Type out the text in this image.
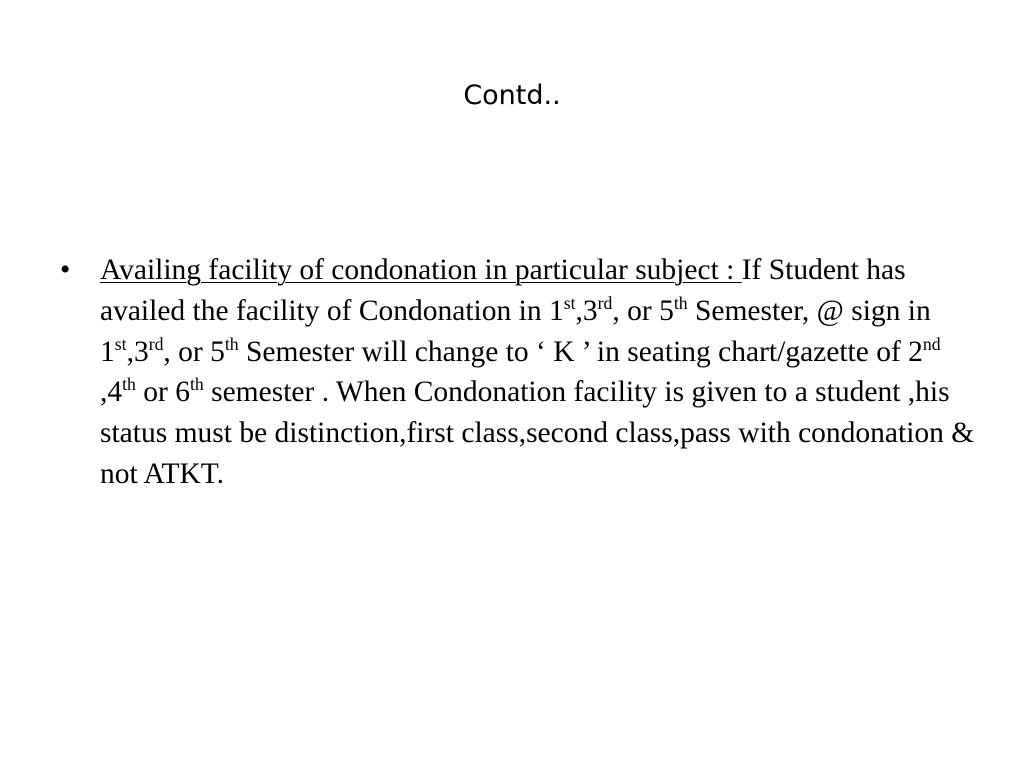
Contd..
• Availing facility of condonation in particular subject : If Student has availed the facility of Condonation in 1st,3rd, or 5th Semester, @ sign in 1st,3rd, or 5th Semester will change to ‘ K ’ in seating chart/gazette of 2nd ,4th or 6th semester . When Condonation facility is given to a student ,his status must be distinction,first class,second class,pass with condonation & not ATKT.
